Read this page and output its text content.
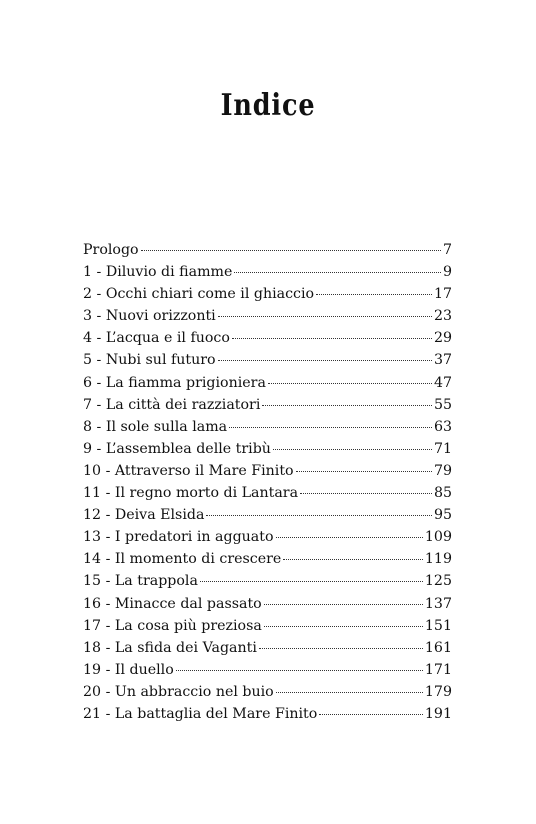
Indice
Prologo	7
1 - Diluvio di fiamme	9
2 - Occhi chiari come il ghiaccio	17
3 - Nuovi orizzonti	23
4 - L’acqua e il fuoco	29
5 - Nubi sul futuro	37
6 - La fiamma prigioniera	47
7 - La città dei razziatori	55
8 - Il sole sulla lama	63
9 - L’assemblea delle tribù	71
10 - Attraverso il Mare Finito	79
11 - Il regno morto di Lantara	85
12 - Deiva Elsida	95
13 - I predatori in agguato	109
14 - Il momento di crescere	119
15 - La trappola	125
16 - Minacce dal passato	137
17 - La cosa più preziosa	151
18 - La sfida dei Vaganti	161
19 - Il duello	171
20 - Un abbraccio nel buio	179
21 - La battaglia del Mare Finito	191
